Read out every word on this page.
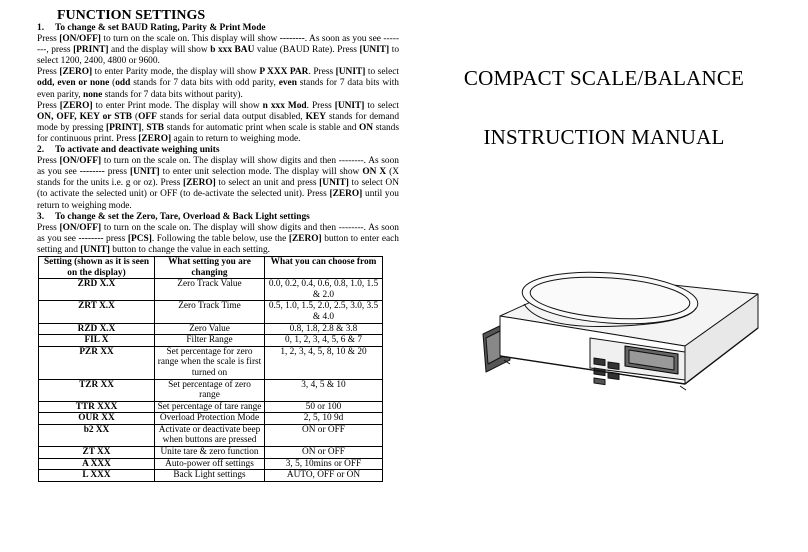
FUNCTION SETTINGS
1. To change & set BAUD Rating, Parity & Print Mode

Press [ON/OFF] to turn on the scale on. This display will show --------. As soon as you see --------, press [PRINT] and the display will show b xxx BAU value (BAUD Rate). Press [UNIT] to select 1200, 2400, 4800 or 9600.

Press [ZERO] to enter Parity mode, the display will show P XXX PAR. Press [UNIT] to select odd, even or none (odd stands for 7 data bits with odd parity, even stands for 7 data bits with even parity, none stands for 7 data bits without parity).

Press [ZERO] to enter Print mode. The display will show n xxx Mod. Press [UNIT] to select ON, OFF, KEY or STB (OFF stands for serial data output disabled, KEY stands for demand mode by pressing [PRINT], STB stands for automatic print when scale is stable and ON stands for continuous print. Press [ZERO] again to return to weighing mode.

2. To activate and deactivate weighing units

Press [ON/OFF] to turn on the scale on. The display will show digits and then --------. As soon as you see -------- press [UNIT] to enter unit selection mode. The display will show ON X (X stands for the units i.e. g or oz). Press [ZERO] to select an unit and press [UNIT] to select ON (to activate the selected unit) or OFF (to de-activate the selected unit). Press [ZERO] until you return to weighing mode.

3. To change & set the Zero, Tare, Overload & Back Light settings

Press [ON/OFF] to turn on the scale on. The display will show digits and then --------. As soon as you see -------- press [PCS]. Following the table below, use the [ZERO] button to enter each setting and [UNIT] button to change the value in each setting.

Setting (shown as it is seen on the display)	What setting you are changing	What you can choose from
ZRD X.X	Zero Track Value	0.0, 0.2, 0.4, 0.6, 0.8, 1.0, 1.5 & 2.0
ZRT X.X	Zero Track Time	0.5, 1.0, 1.5, 2.0, 2.5, 3.0, 3.5 & 4.0
RZD X.X	Zero Value	0.8, 1.8, 2.8 & 3.8
FIL X	Filter Range	0, 1, 2, 3, 4, 5, 6 & 7
PZR XX	Set percentage for zero range when the scale is first turned on	1, 2, 3, 4, 5, 8, 10 & 20
TZR XX	Set percentage of zero range	3, 4, 5 & 10
TTR XXX	Set percentage of tare range	50 or 100
OUR XX	Overload Protection Mode	2, 5, 10 9d
b2 XX	Activate or deactivate beep when buttons are pressed	ON or OFF
ZT XX	Unite tare & zero function	ON or OFF
A XXX	Auto-power off settings	3, 5, 10mins or OFF
L XXX	Back Light settings	AUTO, OFF or ON
COMPACT SCALE/BALANCE
INSTRUCTION MANUAL
